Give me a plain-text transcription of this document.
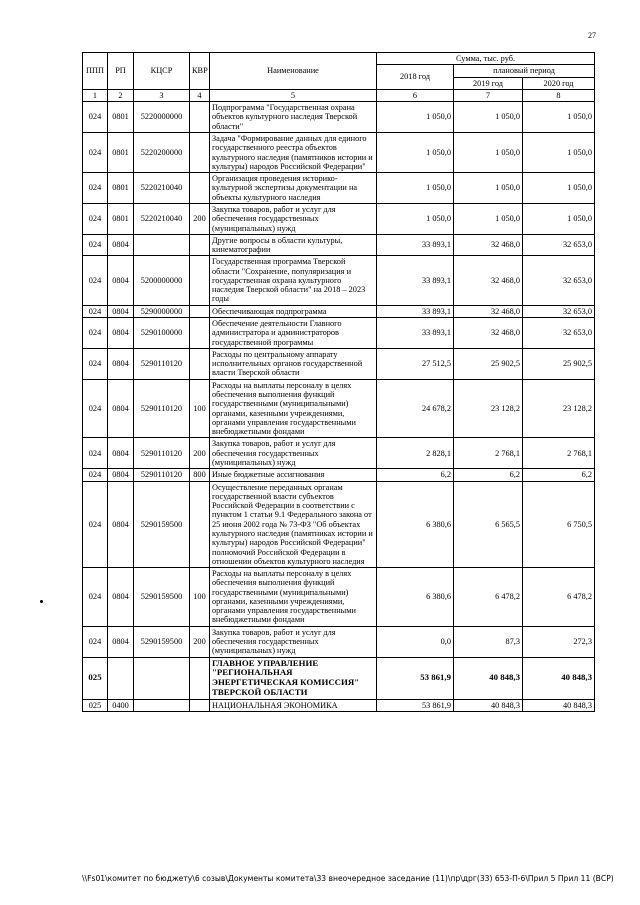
27
ППП	РП	КЦСР	КВР	Наименование	Сумма, тыс. руб.		
					2018 год	плановый период	
						2019 год	2020 год
1	2	3	4	5	6	7	8
024	0801	5220000000		Подпрограмма "Государственная охрана объектов культурного наследия Тверской области"	1 050,0	1 050,0	1 050,0
024	0801	5220200000		Задача "Формирование данных для единого государственного реестра объектов культурного наследия (памятников истории и культуры) народов Российской Федерации"	1 050,0	1 050,0	1 050,0
024	0801	5220210040		Организация проведения историко-культурной экспертизы документации на объекты культурного наследия	1 050,0	1 050,0	1 050,0
024	0801	5220210040	200	Закупка товаров, работ и услуг для обеспечения государственных (муниципальных) нужд	1 050,0	1 050,0	1 050,0
024	0804			Другие вопросы в области культуры, кинематографии	33 893,1	32 468,0	32 653,0
024	0804	5200000000		Государственная программа Тверской области "Сохранение, популяризация и государственная охрана культурного наследия Тверской области" на 2018 – 2023 годы	33 893,1	32 468,0	32 653,0
024	0804	5290000000		Обеспечивающая подпрограмма	33 893,1	32 468,0	32 653,0
024	0804	5290100000		Обеспечение деятельности Главного администратора и администраторов государственной программы	33 893,1	32 468,0	32 653,0
024	0804	5290110120		Расходы по центральному аппарату исполнительных органов государственной власти Тверской области	27 512,5	25 902,5	25 902,5
024	0804	5290110120	100	Расходы на выплаты персоналу в целях обеспечения выполнения функций государственными (муниципальными) органами, казенными учреждениями, органами управления государственными внебюджетными фондами	24 678,2	23 128,2	23 128,2
024	0804	5290110120	200	Закупка товаров, работ и услуг для обеспечения государственных (муниципальных) нужд	2 828,1	2 768,1	2 768,1
024	0804	5290110120	800	Иные бюджетные ассигнования	6,2	6,2	6,2
024	0804	5290159500		Осуществление переданных органам государственной власти субъектов Российской Федерации в соответствии с пунктом 1 статьи 9.1 Федерального закона от 25 июня 2002 года № 73-ФЗ "Об объектах культурного наследия (памятниках истории и культуры) народов Российской Федерации" полномочий Российской Федерации в отношении объектов культурного наследия	6 380,6	6 565,5	6 750,5
024	0804	5290159500	100	Расходы на выплаты персоналу в целях обеспечения выполнения функций государственными (муниципальными) органами, казенными учреждениями, органами управления государственными внебюджетными фондами	6 380,6	6 478,2	6 478,2
024	0804	5290159500	200	Закупка товаров, работ и услуг для обеспечения государственных (муниципальных) нужд	0,0	87,3	272,3
025				ГЛАВНОЕ УПРАВЛЕНИЕ "РЕГИОНАЛЬНАЯ ЭНЕРГЕТИЧЕСКАЯ КОМИССИЯ" ТВЕРСКОЙ ОБЛАСТИ	53 861,9	40 848,3	40 848,3
025	0400			НАЦИОНАЛЬНАЯ ЭКОНОМИКА	53 861,9	40 848,3	40 848,3
\\Fs01\комитет по бюджету\6 созыв\Документы комитета\33 внеочередное заседание (11)\пр\дрг(33) 653-П-6\Прил 5 Прил 11 (ВСР)
